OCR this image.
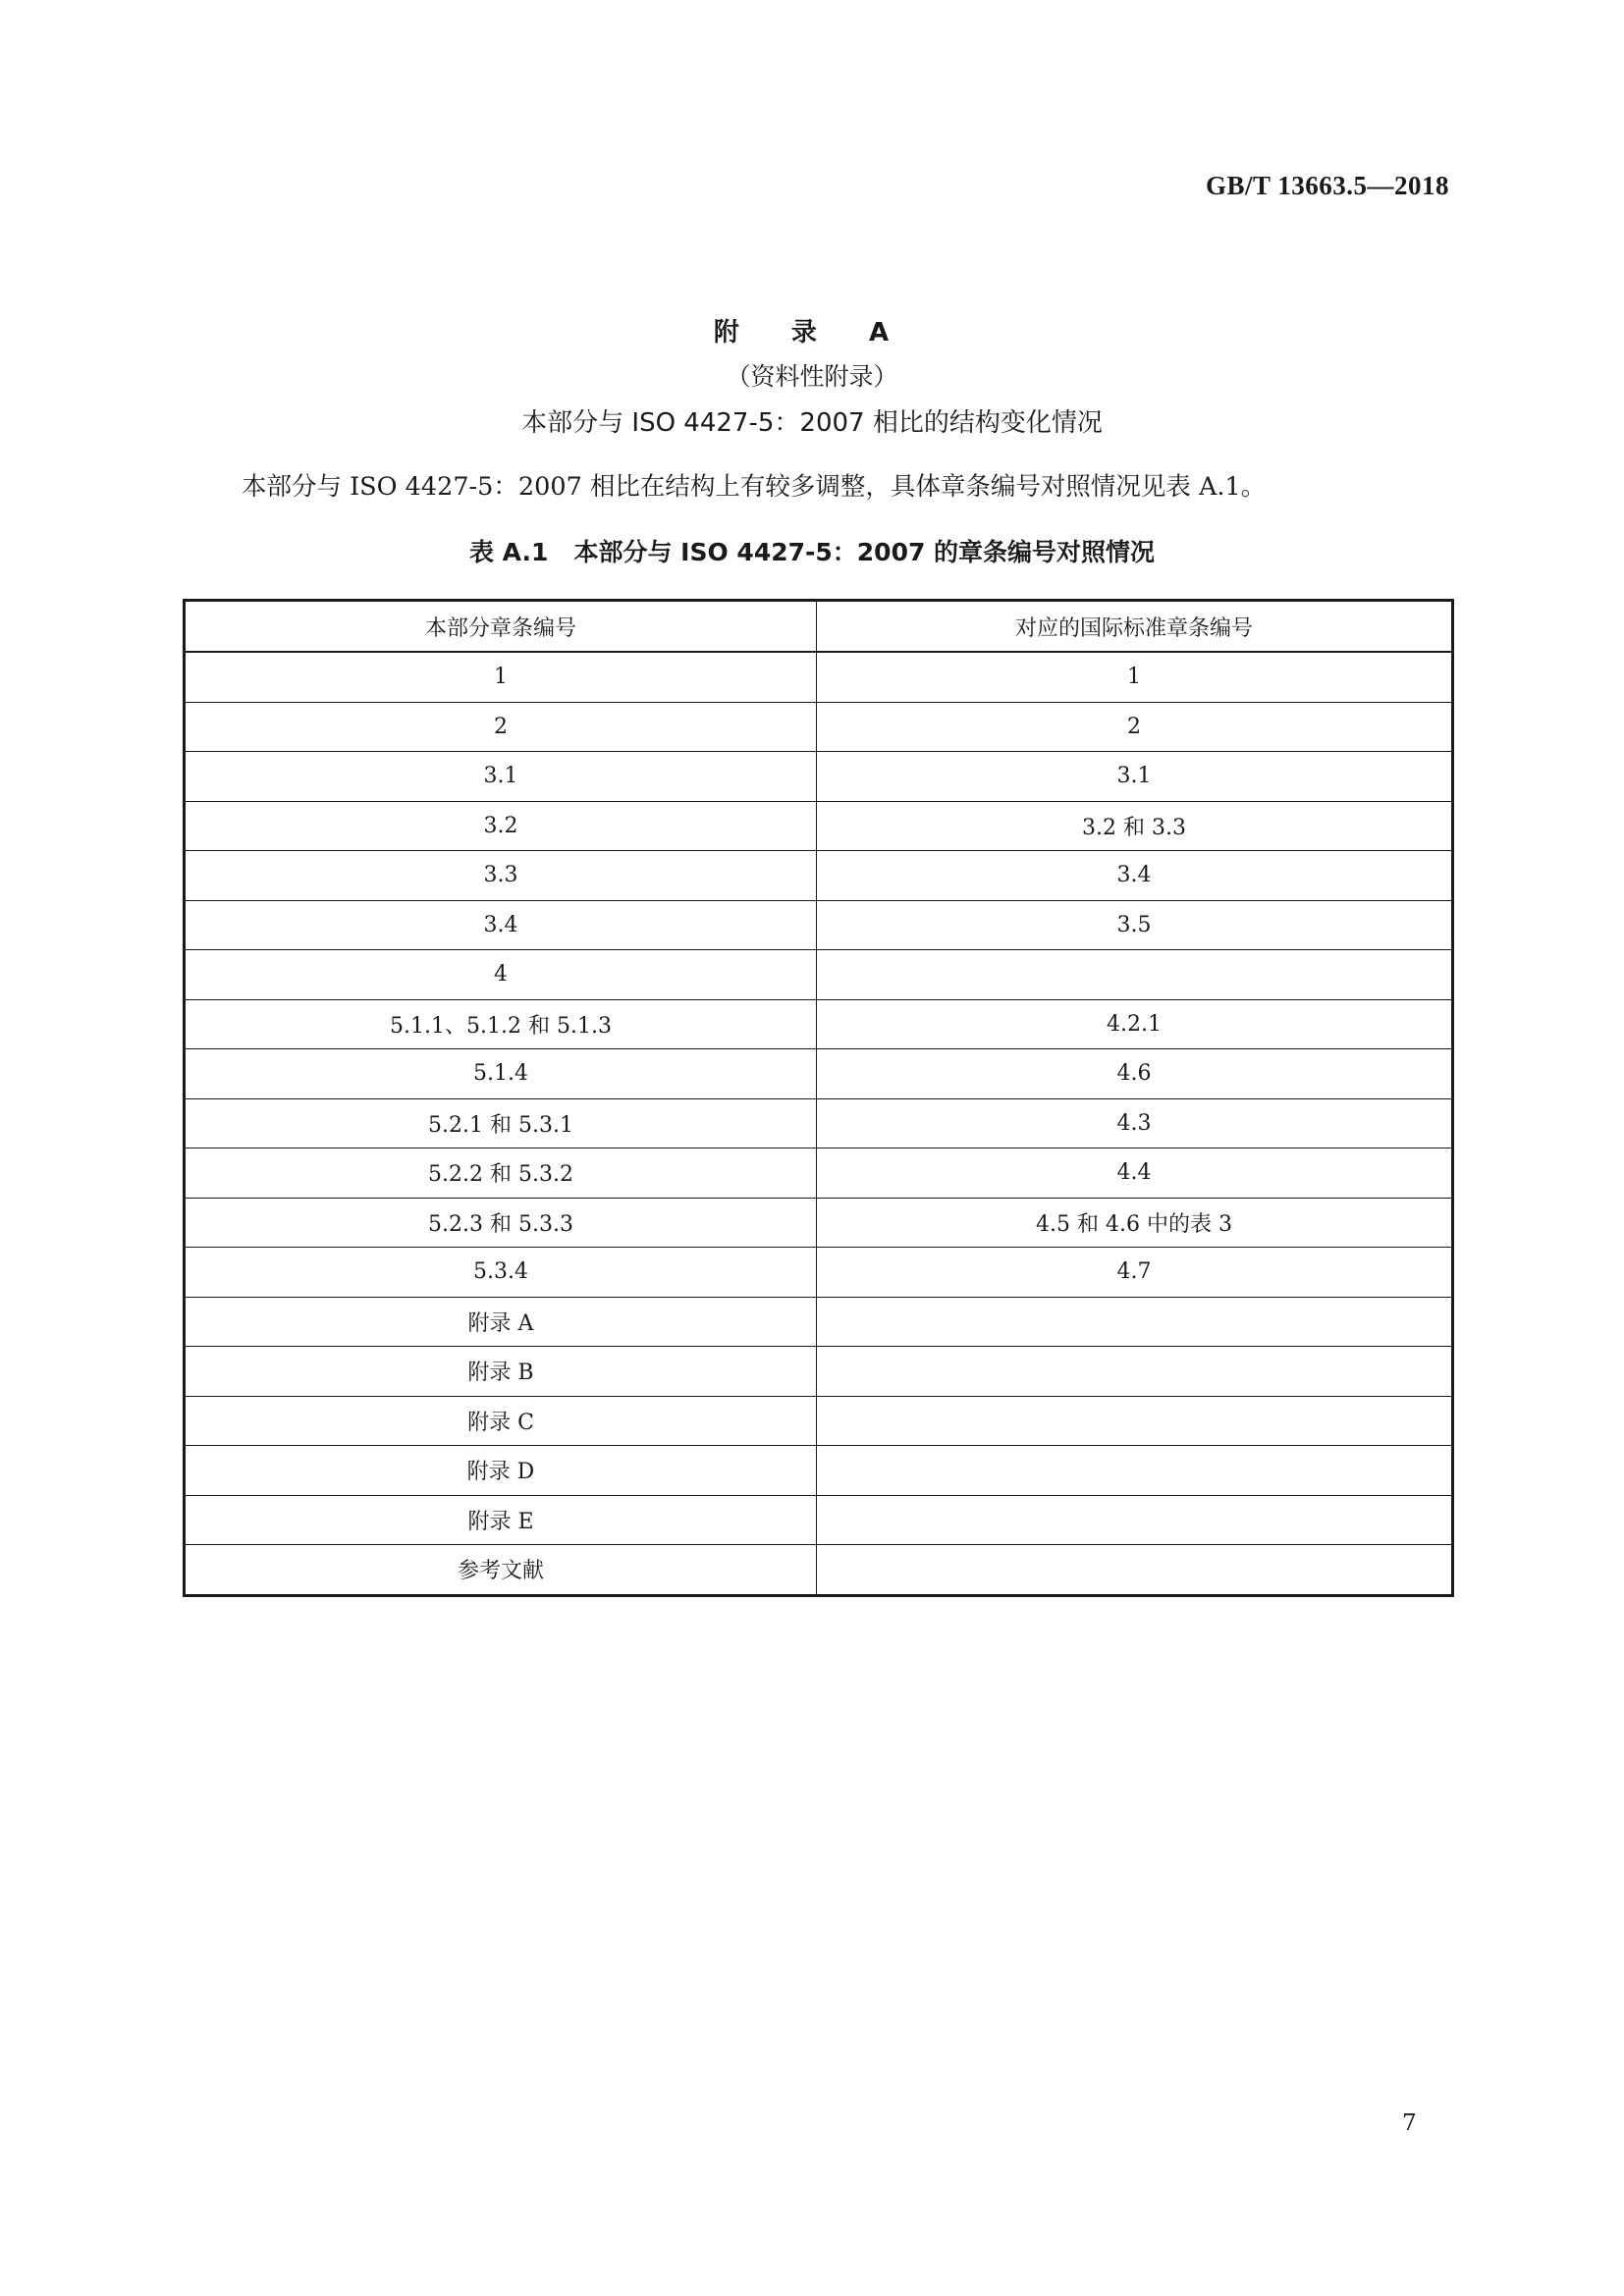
GB/T 13663.5—2018
附 录 A
（资料性附录）
本部分与 ISO 4427-5：2007 相比的结构变化情况
本部分与 ISO 4427-5：2007 相比在结构上有较多调整，具体章条编号对照情况见表 A.1。
表 A.1   本部分与 ISO 4427-5：2007 的章条编号对照情况
本部分章条编号	对应的国际标准章条编号
1	1
2	2
3.1	3.1
3.2	3.2 和 3.3
3.3	3.4
3.4	3.5
4	
5.1.1、5.1.2 和 5.1.3	4.2.1
5.1.4	4.6
5.2.1 和 5.3.1	4.3
5.2.2 和 5.3.2	4.4
5.2.3 和 5.3.3	4.5 和 4.6 中的表 3
5.3.4	4.7
附录 A	
附录 B	
附录 C	
附录 D	
附录 E	
参考文献	
7
